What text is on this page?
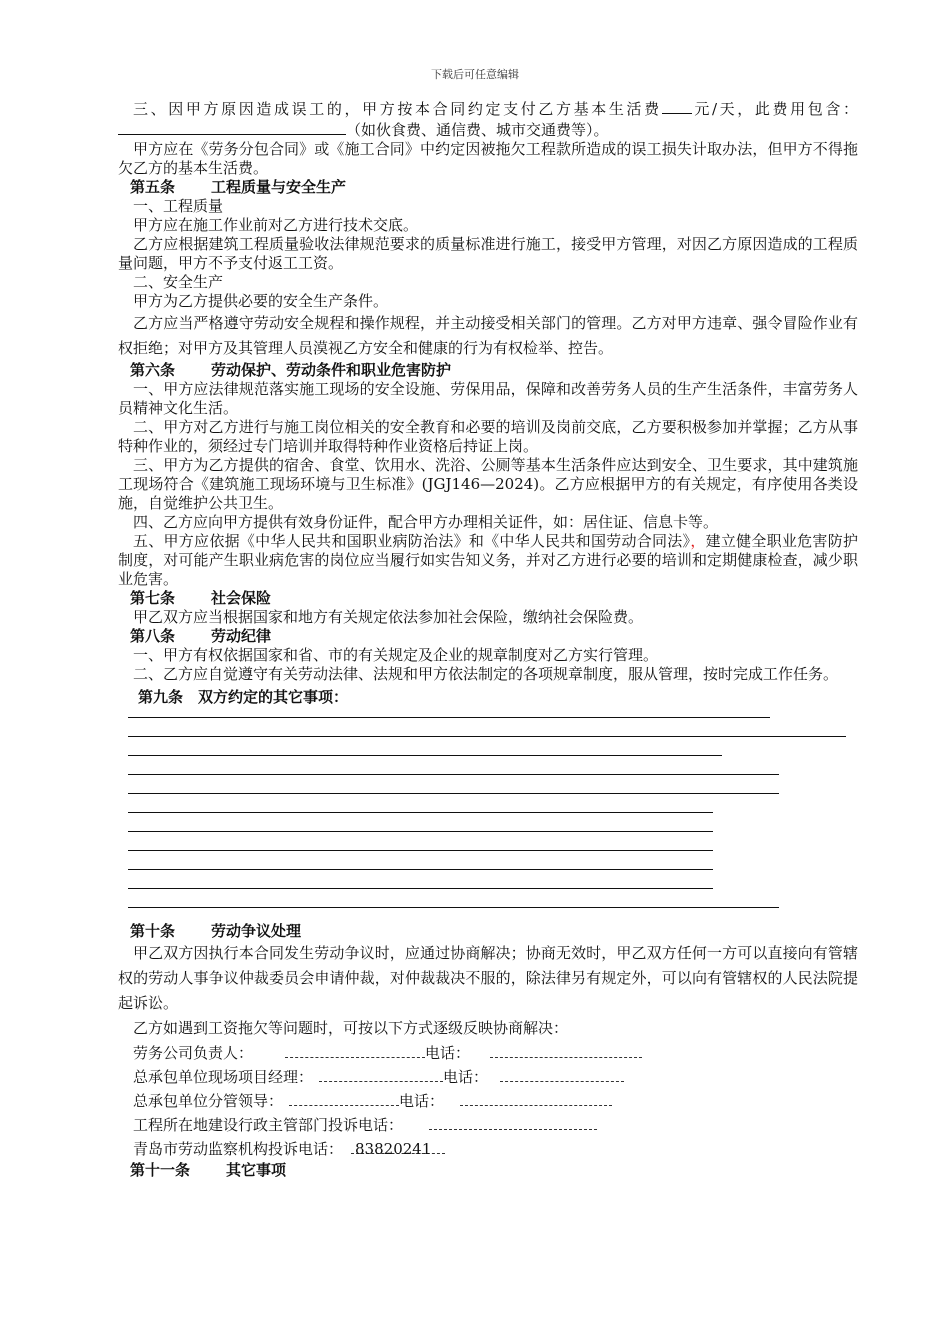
下载后可任意编辑

三、因甲方原因造成误工的，甲方按本合同约定支付乙方基本生活费 元/天，此费用包含：（如伙食费、通信费、城市交通费等）。

甲方应在《劳务分包合同》或《施工合同》中约定因被拖欠工程款所造成的误工损失计取办法，但甲方不得拖欠乙方的基本生活费。

第五条 工程质量与安全生产

一、工程质量

甲方应在施工作业前对乙方进行技术交底。

乙方应根据建筑工程质量验收法律规范要求的质量标准进行施工，接受甲方管理，对因乙方原因造成的工程质量问题，甲方不予支付返工工资。

二、安全生产

甲方为乙方提供必要的安全生产条件。

乙方应当严格遵守劳动安全规程和操作规程，并主动接受相关部门的管理。乙方对甲方违章、强令冒险作业有权拒绝；对甲方及其管理人员漠视乙方安全和健康的行为有权检举、控告。

第六条 劳动保护、劳动条件和职业危害防护

一、甲方应法律规范落实施工现场的安全设施、劳保用品，保障和改善劳务人员的生产生活条件，丰富劳务人员精神文化生活。

二、甲方对乙方进行与施工岗位相关的安全教育和必要的培训及岗前交底，乙方要积极参加并掌握；乙方从事特种作业的，须经过专门培训并取得特种作业资格后持证上岗。

三、甲方为乙方提供的宿舍、食堂、饮用水、洗浴、公厕等基本生活条件应达到安全、卫生要求，其中建筑施工现场符合《建筑施工现场环境与卫生标准》(JGJ146—2024)。乙方应根据甲方的有关规定，有序使用各类设施，自觉维护公共卫生。

四、乙方应向甲方提供有效身份证件，配合甲方办理相关证件，如：居住证、信息卡等。

五、甲方应依据《中华人民共和国职业病防治法》和《中华人民共和国劳动合同法》，建立健全职业危害防护制度，对可能产生职业病危害的岗位应当履行如实告知义务，并对乙方进行必要的培训和定期健康检查，减少职业危害。

第七条 社会保险

甲乙双方应当根据国家和地方有关规定依法参加社会保险，缴纳社会保险费。

第八条 劳动纪律

一、甲方有权依据国家和省、市的有关规定及企业的规章制度对乙方实行管理。

二、乙方应自觉遵守有关劳动法律、法规和甲方依法制定的各项规章制度，服从管理，按时完成工作任务。

第九条　双方约定的其它事项：

第十条 劳动争议处理

甲乙双方因执行本合同发生劳动争议时，应通过协商解决；协商无效时，甲乙双方任何一方可以直接向有管辖权的劳动人事争议仲裁委员会申请仲裁，对仲裁裁决不服的，除法律另有规定外，可以向有管辖权的人民法院提起诉讼。

乙方如遇到工资拖欠等问题时，可按以下方式逐级反映协商解决：

劳务公司负责人：	电话：
总承包单位现场项目经理：	电话：
总承包单位分管领导：	电话：
工程所在地建设行政主管部门投诉电话：
青岛市劳动监察机构投诉电话： 83820241

第十一条 其它事项
